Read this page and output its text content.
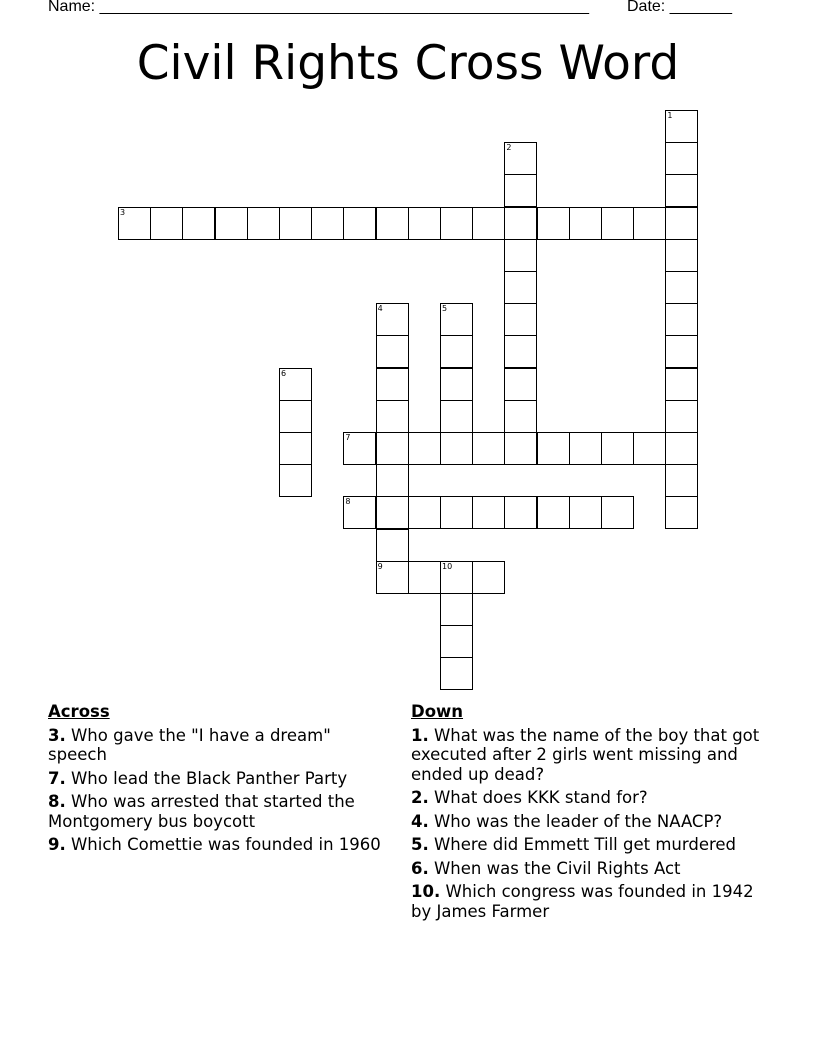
Name: _______________________________________________________ Date: _______
Civil Rights Cross Word
1
2
3
4
9
5
6
7
8
10
Across
3. Who gave the "I have a dream" speech
7. Who lead the Black Panther Party
8. Who was arrested that started the Montgomery bus boycott
9. Which Comettie was founded in 1960
Down
1. What was the name of the boy that got executed after 2 girls went missing and ended up dead?
2. What does KKK stand for?
4. Who was the leader of the NAACP?
5. Where did Emmett Till get murdered
6. When was the Civil Rights Act
10. Which congress was founded in 1942 by James Farmer
